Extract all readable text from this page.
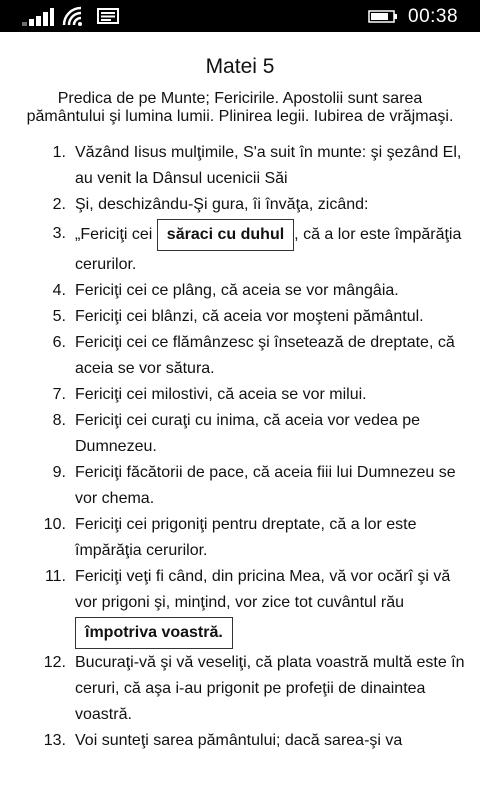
00:38
Matei 5
Predica de pe Munte; Fericirile. Apostolii sunt sarea pământului şi lumina lumii. Plinirea legii. Iubirea de vrăjmaşi.
1. Văzând Iisus mulţimile, S'a suit în munte: şi şezând El, au venit la Dânsul ucenicii Săi
2. Şi, deschizându-Şi gura, îi învăţa, zicând:
3. „Fericiţi cei săraci cu duhul , că a lor este împărăţia cerurilor.
4. Fericiţi cei ce plâng, că aceia se vor mângâia.
5. Fericiţi cei blânzi, că aceia vor moşteni pământul.
6. Fericiţi cei ce flămânzesc şi însetează de dreptate, că aceia se vor sătura.
7. Fericiţi cei milostivi, că aceia se vor milui.
8. Fericiţi cei curaţi cu inima, că aceia vor vedea pe Dumnezeu.
9. Fericiţi făcătorii de pace, că aceia fiii lui Dumnezeu se vor chema.
10. Fericiţi cei prigoniţi pentru dreptate, că a lor este împărăţia cerurilor.
11. Fericiţi veţi fi când, din pricina Mea, vă vor ocărî şi vă vor prigoni şi, minţind, vor zice tot cuvântul rău împotriva voastră.
12. Bucuraţi-vă şi vă veseliţi, că plata voastră multă este în ceruri, că aşa i-au prigonit pe profeţii de dinaintea voastră.
13. Voi sunteţi sarea pământului; dacă sarea-şi va
